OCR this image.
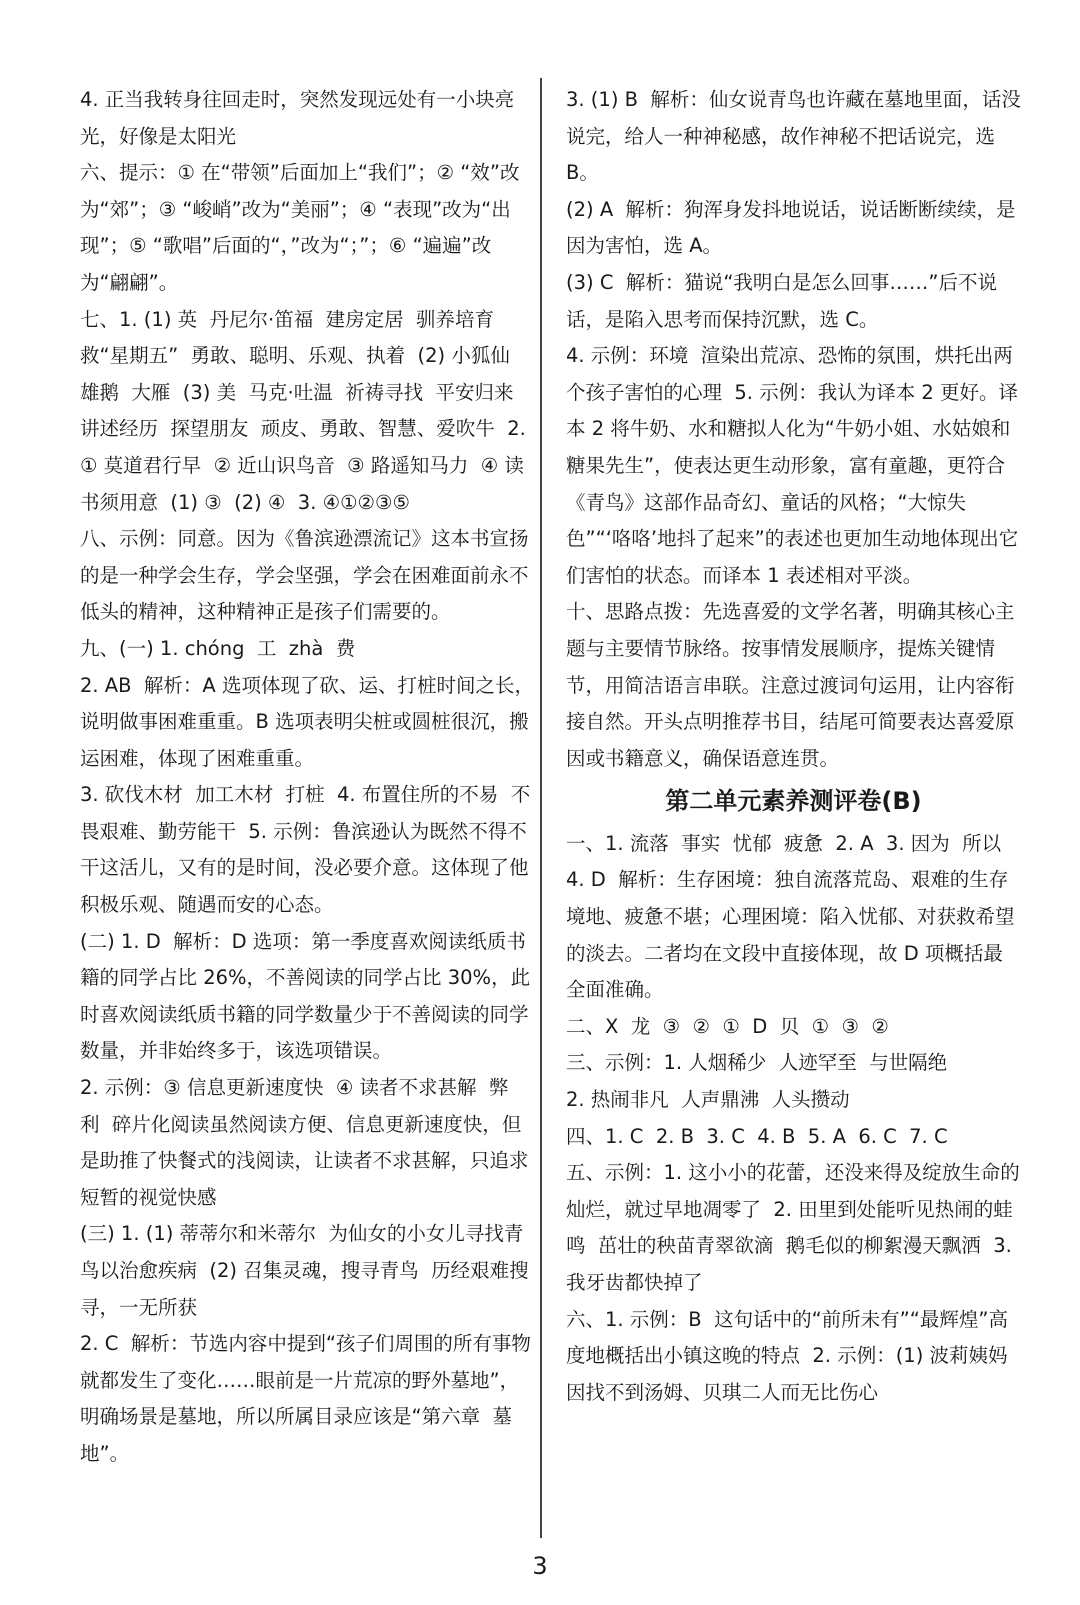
4. 正当我转身往回走时，突然发现远处有一小块亮光，好像是太阳光

六、提示：① 在“带领”后面加上“我们”；② “效”改为“郊”；③ “峻峭”改为“美丽”；④ “表现”改为“出现”；⑤ “歌唱”后面的“，”改为“；”；⑥ “遍遍”改为“翩翩”。

七、1. (1) 英  丹尼尔·笛福  建房定居  驯养培育  救“星期五”  勇敢、聪明、乐观、执着  (2) 小狐仙  雄鹅  大雁  (3) 美  马克·吐温  祈祷寻找  平安归来  讲述经历  探望朋友  顽皮、勇敢、智慧、爱吹牛  2. ① 莫道君行早  ② 近山识鸟音  ③ 路遥知马力  ④ 读书须用意  (1) ③  (2) ④  3. ④①②③⑤

八、示例：同意。因为《鲁滨逊漂流记》这本书宣扬的是一种学会生存，学会坚强，学会在困难面前永不低头的精神，这种精神正是孩子们需要的。

九、(一) 1. chóng  工  zhà  费

2. AB  解析：A 选项体现了砍、运、打桩时间之长，说明做事困难重重。B 选项表明尖桩或圆桩很沉，搬运困难，体现了困难重重。

3. 砍伐木材  加工木材  打桩  4. 布置住所的不易  不畏艰难、勤劳能干  5. 示例：鲁滨逊认为既然不得不干这活儿，又有的是时间，没必要介意。这体现了他积极乐观、随遇而安的心态。

(二) 1. D  解析：D 选项：第一季度喜欢阅读纸质书籍的同学占比 26%，不善阅读的同学占比 30%，此时喜欢阅读纸质书籍的同学数量少于不善阅读的同学数量，并非始终多于，该选项错误。

2. 示例：③ 信息更新速度快  ④ 读者不求甚解  弊  利  碎片化阅读虽然阅读方便、信息更新速度快，但是助推了快餐式的浅阅读，让读者不求甚解，只追求短暂的视觉快感

(三) 1. (1) 蒂蒂尔和米蒂尔  为仙女的小女儿寻找青鸟以治愈疾病  (2) 召集灵魂，搜寻青鸟  历经艰难搜寻，一无所获

2. C  解析：节选内容中提到“孩子们周围的所有事物就都发生了变化……眼前是一片荒凉的野外墓地”，明确场景是墓地，所以所属目录应该是“第六章  墓地”。

3. (1) B  解析：仙女说青鸟也许藏在墓地里面，话没说完，给人一种神秘感，故作神秘不把话说完，选 B。

(2) A  解析：狗浑身发抖地说话，说话断断续续，是因为害怕，选 A。

(3) C  解析：猫说“我明白是怎么回事……”后不说话，是陷入思考而保持沉默，选 C。

4. 示例：环境  渲染出荒凉、恐怖的氛围，烘托出两个孩子害怕的心理  5. 示例：我认为译本 2 更好。译本 2 将牛奶、水和糖拟人化为“牛奶小姐、水姑娘和糖果先生”，使表达更生动形象，富有童趣，更符合《青鸟》这部作品奇幻、童话的风格；“大惊失色”“‘咯咯’地抖了起来”的表述也更加生动地体现出它们害怕的状态。而译本 1 表述相对平淡。

十、思路点拨：先选喜爱的文学名著，明确其核心主题与主要情节脉络。按事情发展顺序，提炼关键情节，用简洁语言串联。注意过渡词句运用，让内容衔接自然。开头点明推荐书目，结尾可简要表达喜爱原因或书籍意义，确保语意连贯。

第二单元素养测评卷(B)

一、1. 流落  事实  忧郁  疲惫  2. A  3. 因为  所以

4. D  解析：生存困境：独自流落荒岛、艰难的生存境地、疲惫不堪；心理困境：陷入忧郁、对获救希望的淡去。二者均在文段中直接体现，故 D 项概括最全面准确。

二、X  龙  ③  ②  ①  D  贝  ①  ③  ②

三、示例：1. 人烟稀少  人迹罕至  与世隔绝

2. 热闹非凡  人声鼎沸  人头攒动

四、1. C  2. B  3. C  4. B  5. A  6. C  7. C

五、示例：1. 这小小的花蕾，还没来得及绽放生命的灿烂，就过早地凋零了  2. 田里到处能听见热闹的蛙鸣  茁壮的秧苗青翠欲滴  鹅毛似的柳絮漫天飘洒  3. 我牙齿都快掉了

六、1. 示例：B  这句话中的“前所未有”“最辉煌”高度地概括出小镇这晚的特点  2. 示例：(1) 波莉姨妈因找不到汤姆、贝琪二人而无比伤心

3
